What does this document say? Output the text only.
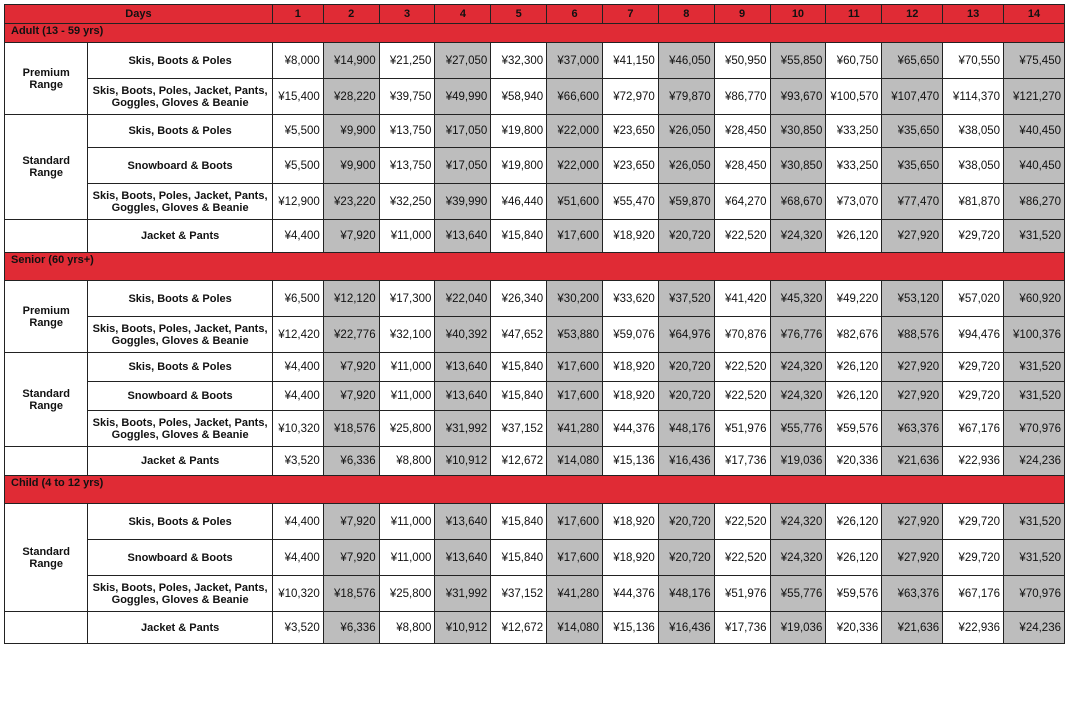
Days		1	2	3	4	5	6	7	8	9	10	11	12	13	14
Adult (13 - 59 yrs)															
Premium
Range	Skis, Boots & Poles	¥8,000	¥14,900	¥21,250	¥27,050	¥32,300	¥37,000	¥41,150	¥46,050	¥50,950	¥55,850	¥60,750	¥65,650	¥70,550	¥75,450
	Skis, Boots, Poles, Jacket, Pants, Goggles, Gloves & Beanie	¥15,400	¥28,220	¥39,750	¥49,990	¥58,940	¥66,600	¥72,970	¥79,870	¥86,770	¥93,670	¥100,570	¥107,470	¥114,370	¥121,270
Standard
Range	Skis, Boots & Poles	¥5,500	¥9,900	¥13,750	¥17,050	¥19,800	¥22,000	¥23,650	¥26,050	¥28,450	¥30,850	¥33,250	¥35,650	¥38,050	¥40,450
	Snowboard & Boots	¥5,500	¥9,900	¥13,750	¥17,050	¥19,800	¥22,000	¥23,650	¥26,050	¥28,450	¥30,850	¥33,250	¥35,650	¥38,050	¥40,450
	Skis, Boots, Poles, Jacket, Pants, Goggles, Gloves & Beanie	¥12,900	¥23,220	¥32,250	¥39,990	¥46,440	¥51,600	¥55,470	¥59,870	¥64,270	¥68,670	¥73,070	¥77,470	¥81,870	¥86,270
	Jacket & Pants	¥4,400	¥7,920	¥11,000	¥13,640	¥15,840	¥17,600	¥18,920	¥20,720	¥22,520	¥24,320	¥26,120	¥27,920	¥29,720	¥31,520
Senior (60 yrs+)															
Premium
Range	Skis, Boots & Poles	¥6,500	¥12,120	¥17,300	¥22,040	¥26,340	¥30,200	¥33,620	¥37,520	¥41,420	¥45,320	¥49,220	¥53,120	¥57,020	¥60,920
	Skis, Boots, Poles, Jacket, Pants, Goggles, Gloves & Beanie	¥12,420	¥22,776	¥32,100	¥40,392	¥47,652	¥53,880	¥59,076	¥64,976	¥70,876	¥76,776	¥82,676	¥88,576	¥94,476	¥100,376
Standard
Range	Skis, Boots & Poles	¥4,400	¥7,920	¥11,000	¥13,640	¥15,840	¥17,600	¥18,920	¥20,720	¥22,520	¥24,320	¥26,120	¥27,920	¥29,720	¥31,520
	Snowboard & Boots	¥4,400	¥7,920	¥11,000	¥13,640	¥15,840	¥17,600	¥18,920	¥20,720	¥22,520	¥24,320	¥26,120	¥27,920	¥29,720	¥31,520
	Skis, Boots, Poles, Jacket, Pants, Goggles, Gloves & Beanie	¥10,320	¥18,576	¥25,800	¥31,992	¥37,152	¥41,280	¥44,376	¥48,176	¥51,976	¥55,776	¥59,576	¥63,376	¥67,176	¥70,976
	Jacket & Pants	¥3,520	¥6,336	¥8,800	¥10,912	¥12,672	¥14,080	¥15,136	¥16,436	¥17,736	¥19,036	¥20,336	¥21,636	¥22,936	¥24,236
Child (4 to 12 yrs)															
Standard
Range	Skis, Boots & Poles	¥4,400	¥7,920	¥11,000	¥13,640	¥15,840	¥17,600	¥18,920	¥20,720	¥22,520	¥24,320	¥26,120	¥27,920	¥29,720	¥31,520
	Snowboard & Boots	¥4,400	¥7,920	¥11,000	¥13,640	¥15,840	¥17,600	¥18,920	¥20,720	¥22,520	¥24,320	¥26,120	¥27,920	¥29,720	¥31,520
	Skis, Boots, Poles, Jacket, Pants, Goggles, Gloves & Beanie	¥10,320	¥18,576	¥25,800	¥31,992	¥37,152	¥41,280	¥44,376	¥48,176	¥51,976	¥55,776	¥59,576	¥63,376	¥67,176	¥70,976
	Jacket & Pants	¥3,520	¥6,336	¥8,800	¥10,912	¥12,672	¥14,080	¥15,136	¥16,436	¥17,736	¥19,036	¥20,336	¥21,636	¥22,936	¥24,236
